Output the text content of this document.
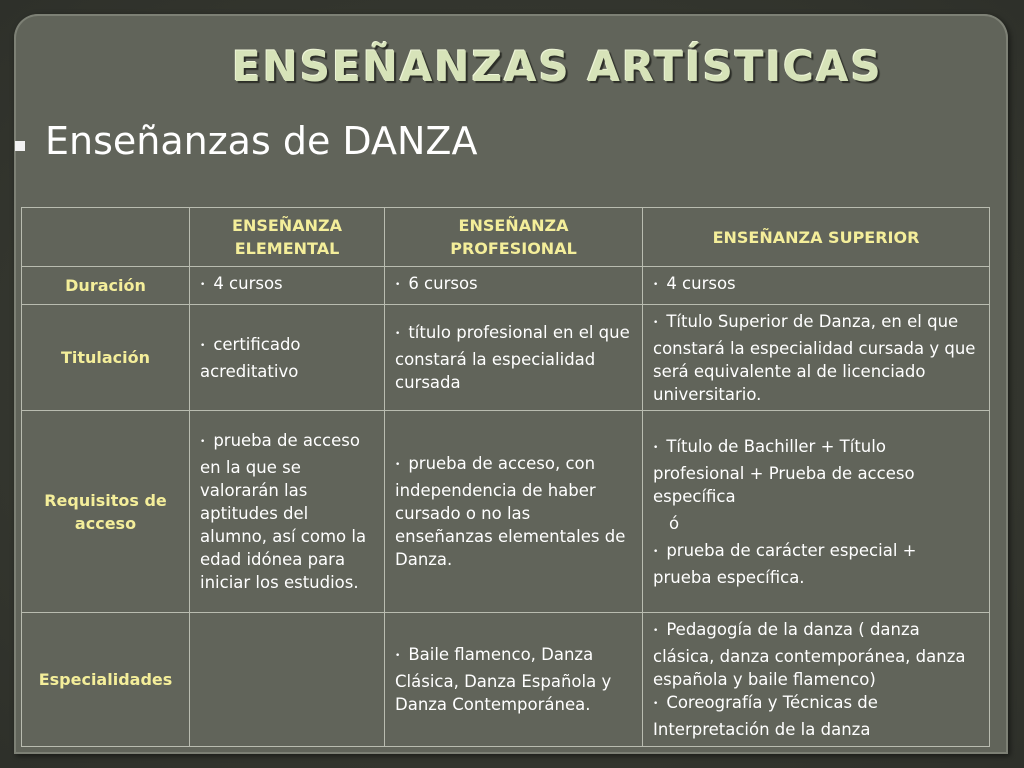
ENSEÑANZAS ARTÍSTICAS
Enseñanzas de DANZA
	ENSEÑANZA ELEMENTAL	ENSEÑANZA PROFESIONAL	ENSEÑANZA SUPERIOR
Duración	• 4 cursos	• 6 cursos	• 4 cursos
Titulación	• certificado acreditativo	• título profesional en el que constará la especialidad cursada	• Título Superior de Danza, en el que constará la especialidad cursada y que será equivalente al de licenciado universitario.
Requisitos de acceso	• prueba de acceso en la que se valorarán las aptitudes del alumno, así como la edad idónea para iniciar los estudios.	• prueba de acceso, con independencia de haber cursado o no las enseñanzas elementales de Danza.	• Título de Bachiller + Título profesional + Prueba de acceso específica
ó
• prueba de carácter especial + prueba específica.

Especialidades		• Baile flamenco, Danza Clásica, Danza Española y Danza Contemporánea.	• Pedagogía de la danza ( danza clásica, danza contemporánea, danza española y baile flamenco)
• Coreografía y Técnicas de Interpretación de la danza
